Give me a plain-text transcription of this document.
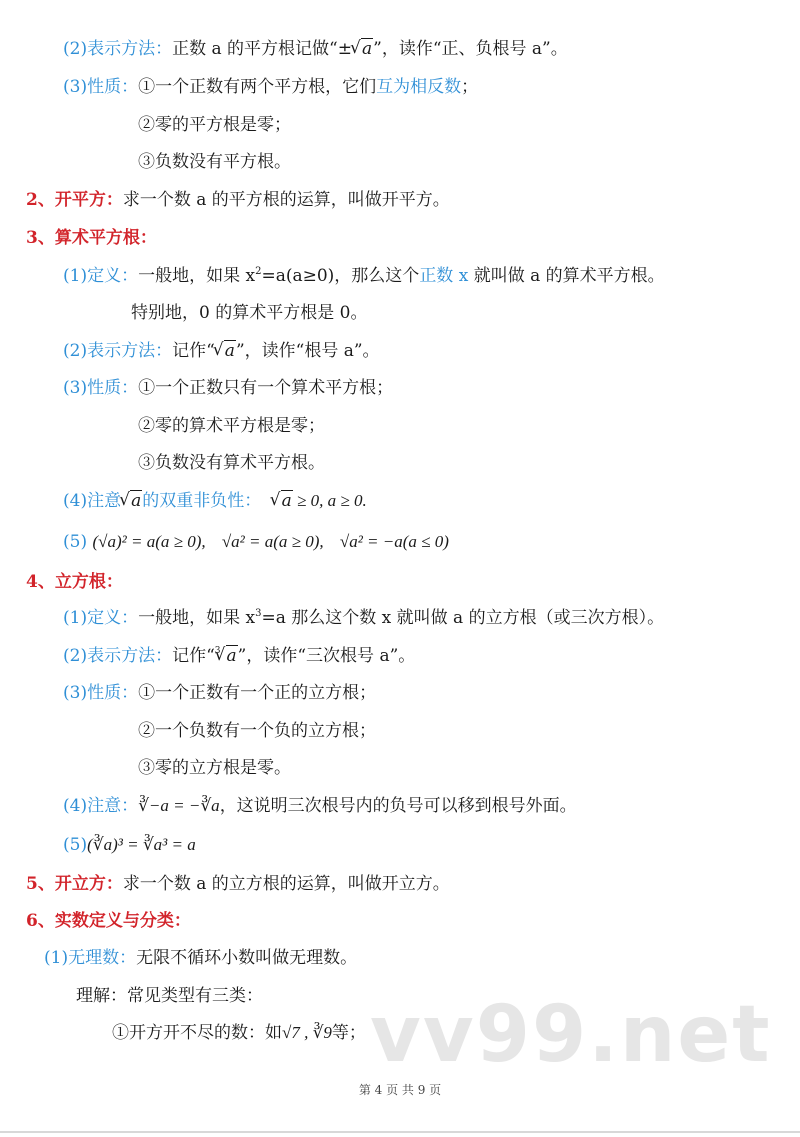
(2)表示方法：正数 a 的平方根记做“± √ a”，读作“正、负根号 a”。
(3)性质：①一个正数有两个平方根，它们互为相反数；
②零的平方根是零；
③负数没有平方根。
2、开平方：求一个数 a 的平方根的运算，叫做开平方。
3、算术平方根：
(1)定义：一般地，如果 $x^2=a(a\ge 0)$，那么这个正数 x 就叫做 a 的算术平方根。
特别地，0 的算术平方根是 0。
(2)表示方法：记作“ √ a”，读作“根号 a”。
(3)性质：①一个正数只有一个算术平方根；
②零的算术平方根是零；
③负数没有算术平方根。
(4)注意 √ a的双重非负性： √ a ≥ 0, a ≥ 0.
(5) (√a)² = a(a ≥ 0), √a² = a(a ≥ 0), √a² = −a(a ≤ 0)
4、立方根：
(1)定义：一般地，如果 $x^3=a$ 那么这个数 x 就叫做 a 的立方根（或三次方根）。
(2)表示方法：记作“$^3$ √ a”，读作“三次根号 a”。
(3)性质：①一个正数有一个正的立方根；
②一个负数有一个负的立方根；
③零的立方根是零。
(4)注意：∛−a = −∛a，这说明三次根号内的负号可以移到根号外面。
(5)(∛a)³ = ∛a³ = a
5、开立方：求一个数 a 的立方根的运算，叫做开立方。
6、实数定义与分类：
(1)无理数：无限不循环小数叫做无理数。
理解：常见类型有三类： vv99.net
①开方开不尽的数：如√7 , ∛9等；
第 4 页 共 9 页
